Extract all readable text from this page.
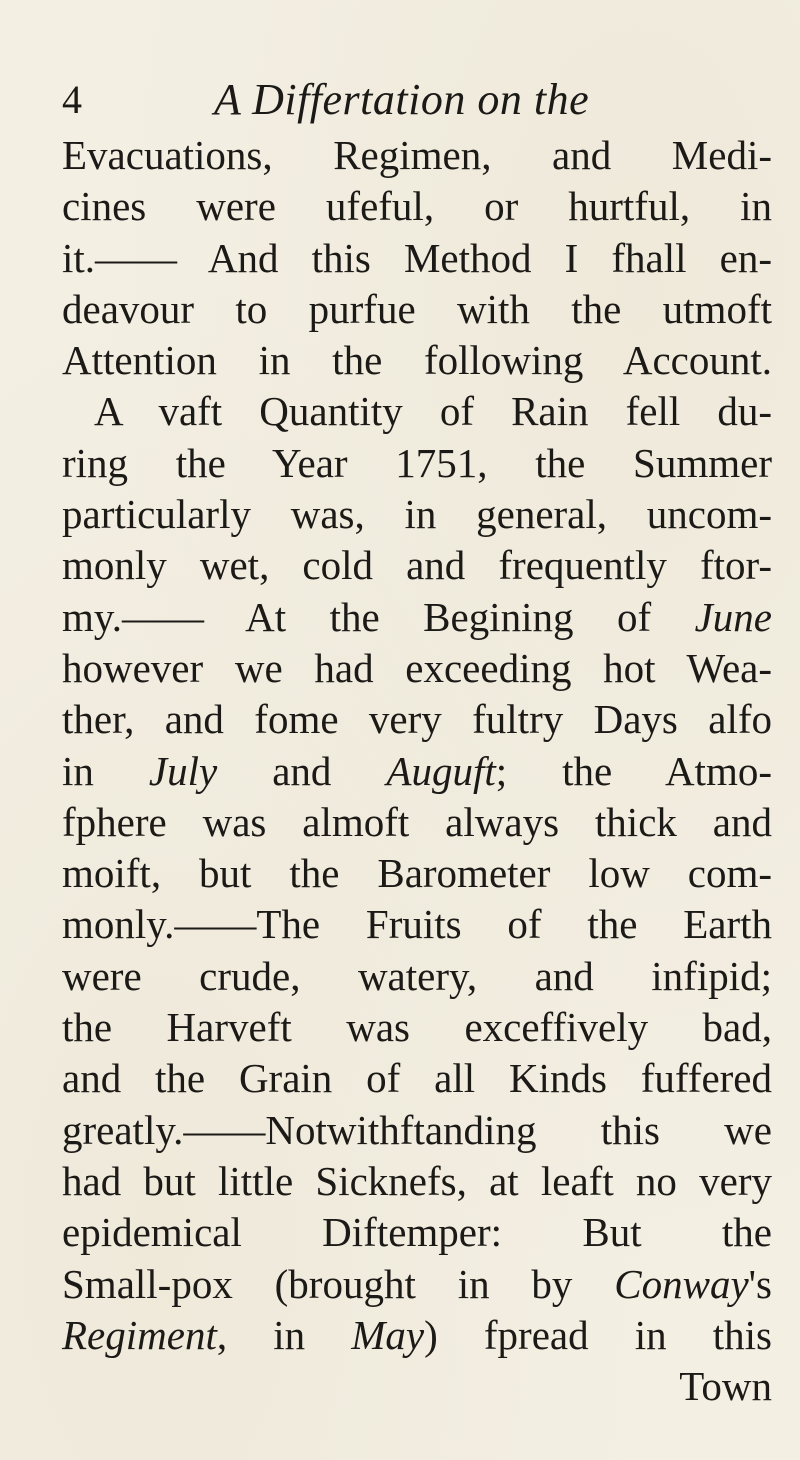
4	A Differtation on the
Evacuations, Regimen, and Medi-
cines were ufeful, or hurtful, in
it.—— And this Method I fhall en-
deavour to purfue with the utmoft
Attention in the following Account.
A vaft Quantity of Rain fell du-
ring the Year 1751, the Summer
particularly was, in general, uncom-
monly wet, cold and frequently ftor-
my.—— At the Begining of June
however we had exceeding hot Wea-
ther, and fome very fultry Days alfo
in July and Auguft; the Atmo-
fphere was almoft always thick and
moift, but the Barometer low com-
monly.——The Fruits of the Earth
were crude, watery, and infipid;
the Harveft was exceffively bad,
and the Grain of all Kinds fuffered
greatly.——Notwithftanding this we
had but little Sicknefs, at leaft no very
epidemical Diftemper: But the
Small-pox (brought in by Conway's
Regiment, in May) fpread in this
Town
